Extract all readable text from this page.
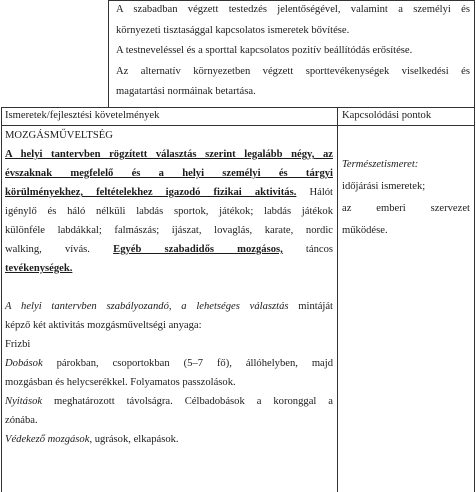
A szabadban végzett testedzés jelentőségével, valamint a személyi és

környezeti tisztasággal kapcsolatos ismeretek bővítése.

A testneveléssel és a sporttal kapcsolatos pozitív beállítódás erősítése.

Az alternatív környezetben végzett sporttevékenységek viselkedési és

magatartási normáinak betartása.

Ismeretek/fejlesztési követelmények	Kapcsolódási pontok

MOZGÁSMŰVELTSÉG

A helyi tantervben rögzített választás szerint legalább négy, az

évszaknak megfelelő és a helyi személyi és tárgyi

körülményekhez, feltételekhez igazodó fizikai aktivitás. Hálót

igénylő és háló nélküli labdás sportok, játékok; labdás játékok

különféle labdákkal; falmászás; íjászat, lovaglás, karate, nordic

walking, vívás. Egyéb szabadidős mozgásos, táncos

tevékenységek.

A helyi tantervben szabályozandó, a lehetséges választás mintáját

képző két aktivitás mozgásműveltségi anyaga:

Frizbi

Dobások párokban, csoportokban (5–7 fő), állóhelyben, majd

mozgásban és helycserékkel. Folyamatos passzolások.

Nyitások meghatározott távolságra. Célbadobások a koronggal a

zónába.

Védekező mozgások, ugrások, elkapások.

Természetismeret:

időjárási ismeretek;

az emberi szervezet

működése.
